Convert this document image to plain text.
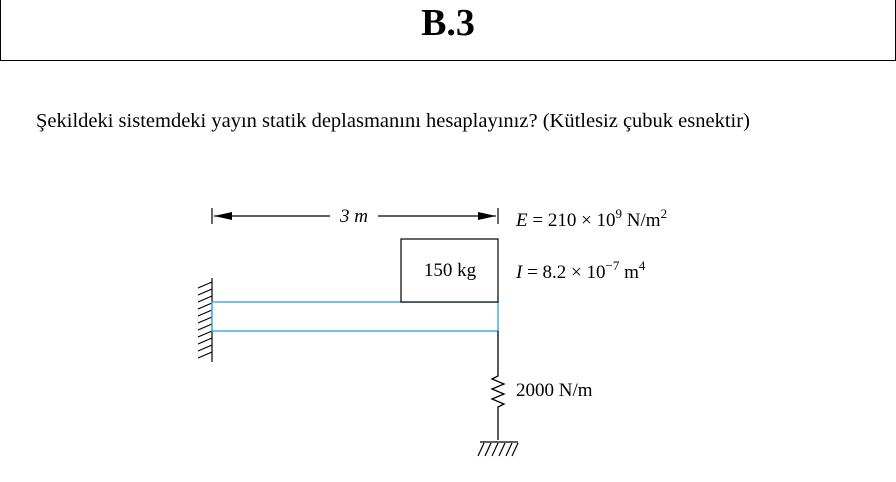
B.3
Şekildeki sistemdeki yayın statik deplasmanını hesaplayınız? (Kütlesiz çubuk esnektir)
3 m
150 kg
2000 N/m
$E = 210 \times 10^9$ $N/m^2$
$I = 8.2 \times 10^{-7}$ $m^4$
